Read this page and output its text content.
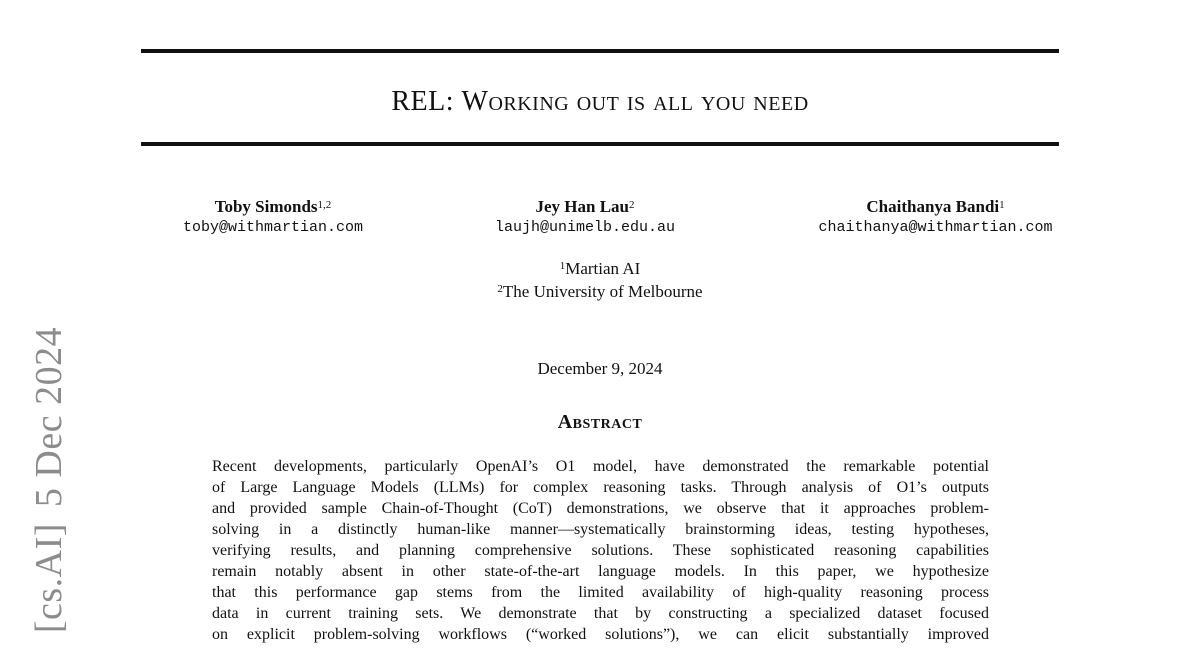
REL: Working out is all you need
Toby Simonds$^{1,2}$
toby@withmartian.com
Jey Han Lau$^2$
laujh@unimelb.edu.au
Chaithanya Bandi$^1$
chaithanya@withmartian.com
$^1$Martian AI
$^2$The University of Melbourne
December 9, 2024
Abstract
Recent developments, particularly OpenAI’s O1 model, have demonstrated the remarkable potential
of Large Language Models (LLMs) for complex reasoning tasks. Through analysis of O1’s outputs
and provided sample Chain-of-Thought (CoT) demonstrations, we observe that it approaches problem-
solving in a distinctly human-like manner—systematically brainstorming ideas, testing hypotheses,
verifying results, and planning comprehensive solutions. These sophisticated reasoning capabilities
remain notably absent in other state-of-the-art language models. In this paper, we hypothesize
that this performance gap stems from the limited availability of high-quality reasoning process
data in current training sets. We demonstrate that by constructing a specialized dataset focused
on explicit problem-solving workflows (“worked solutions”), we can elicit substantially improved
[cs.AI]5 Dec 2024
